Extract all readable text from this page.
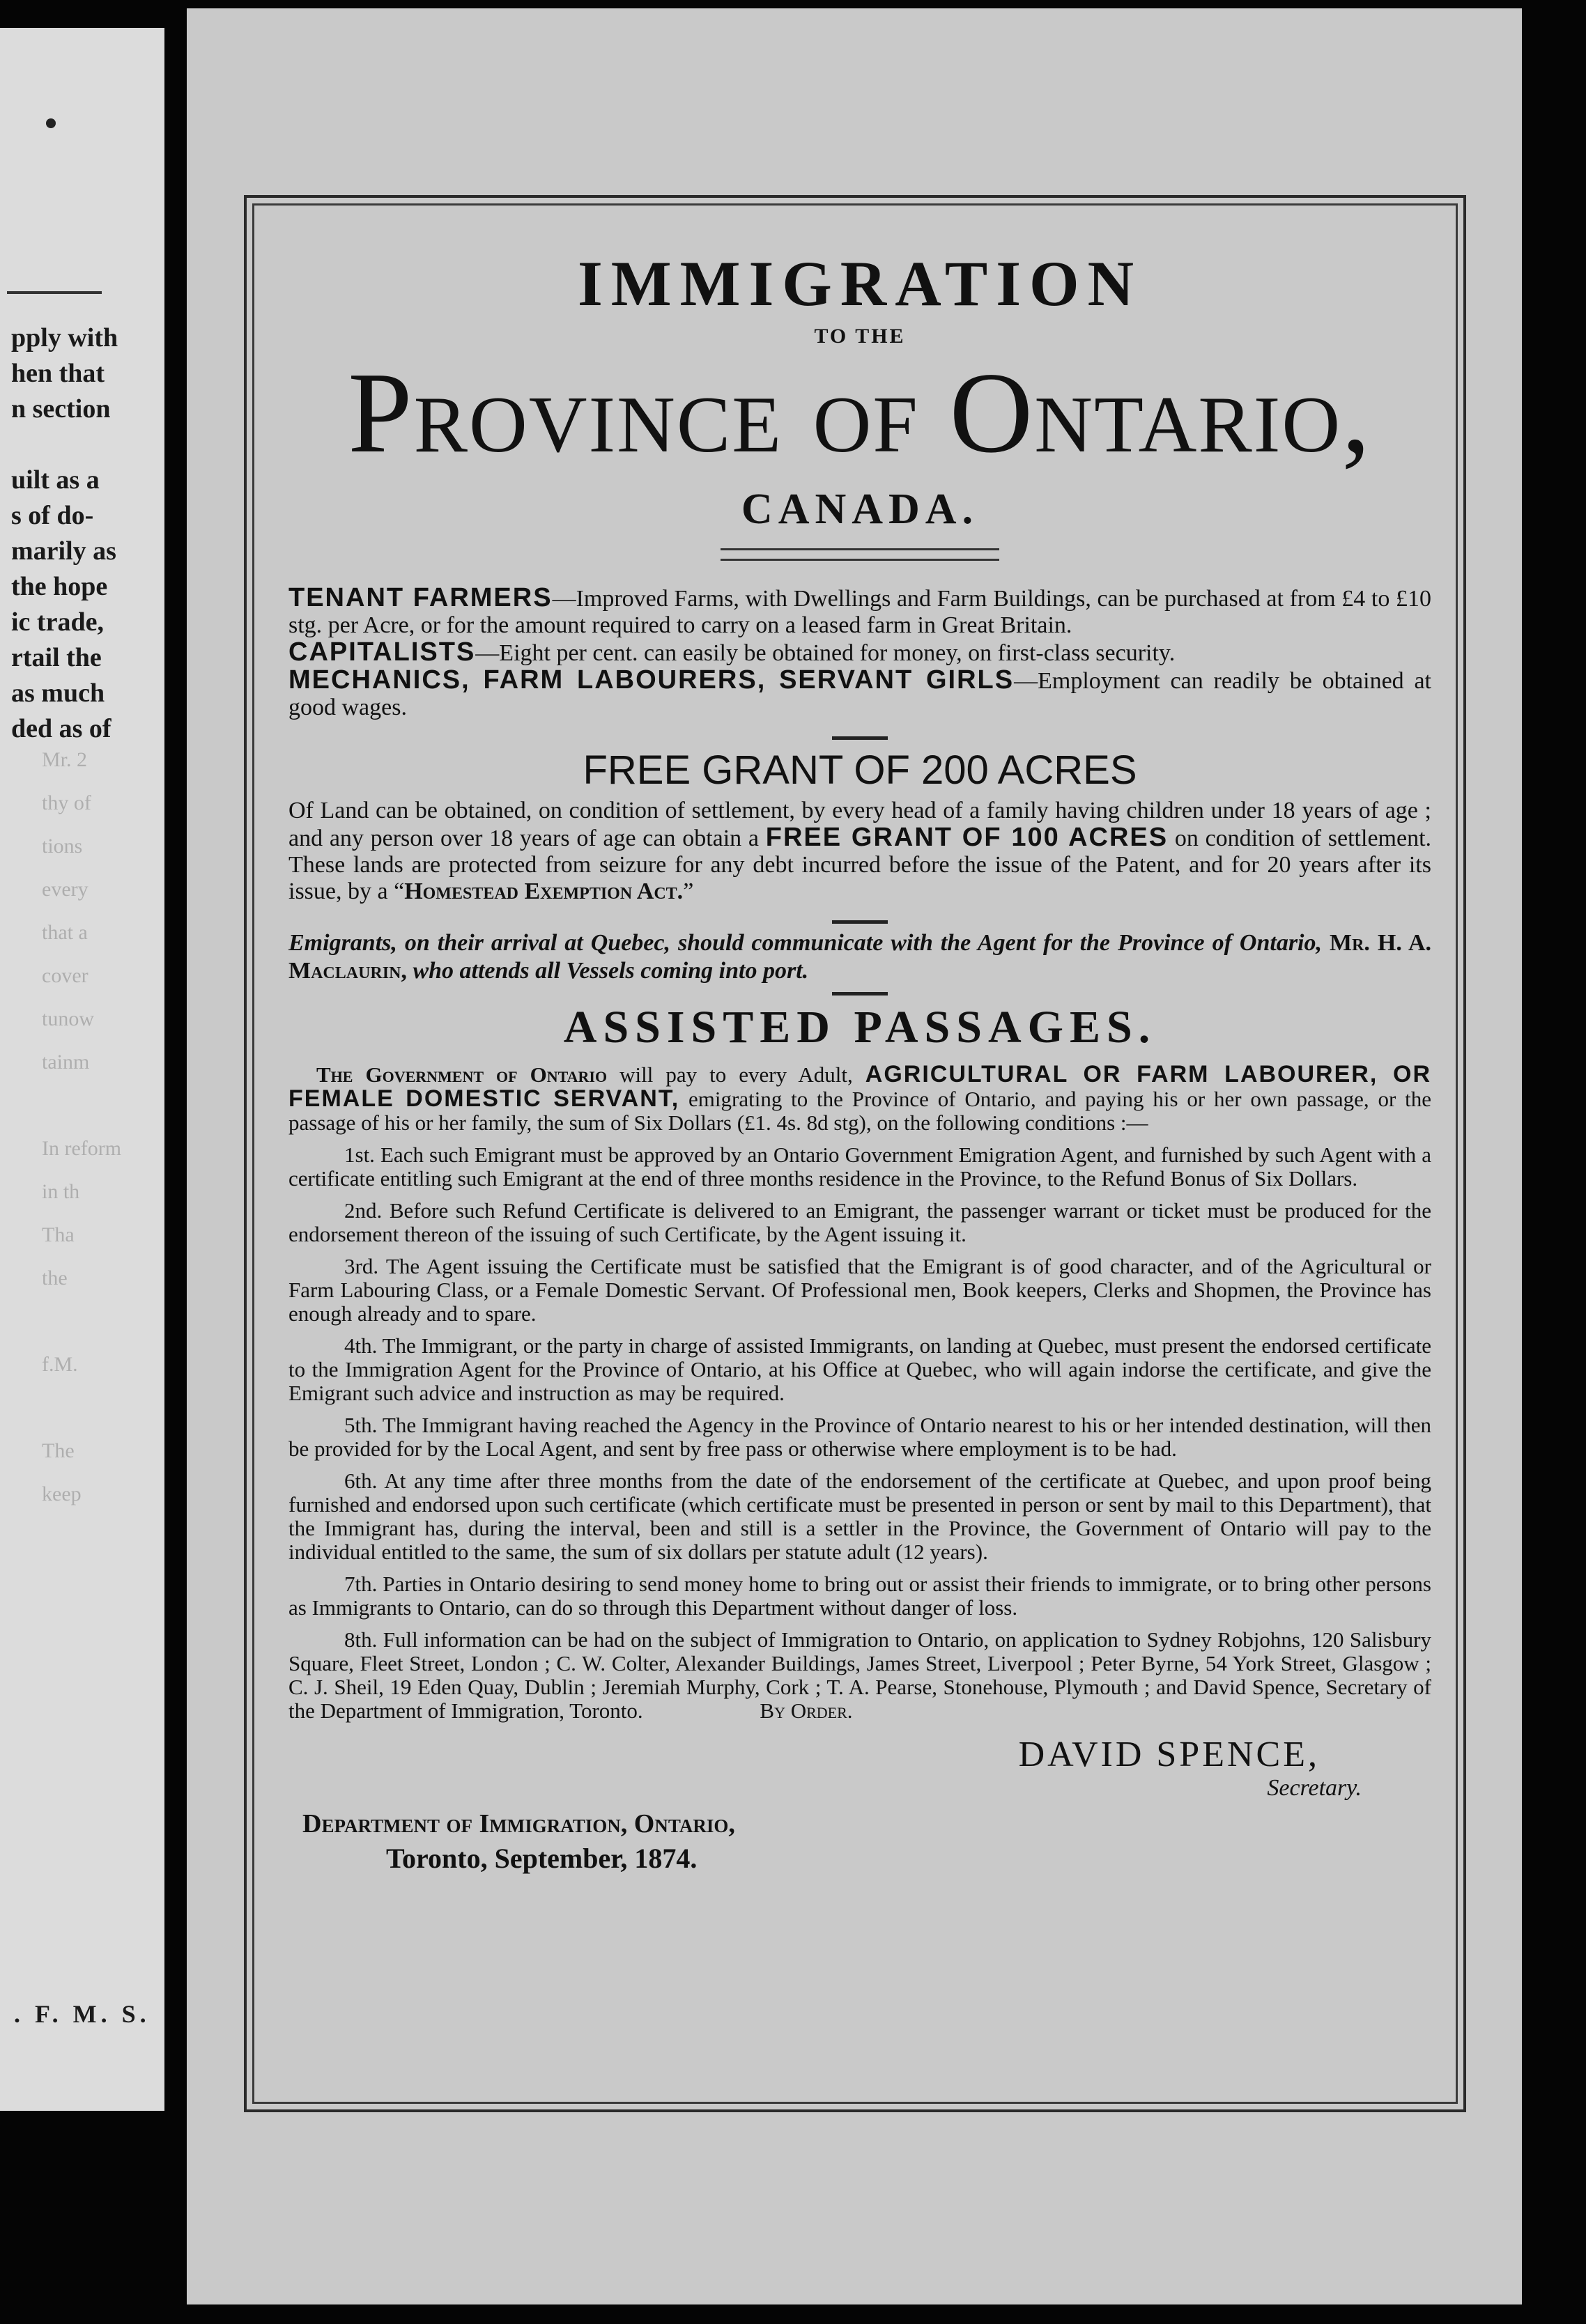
pply with
hen that
n section
uilt as a
s of do-
marily as
the hope
ic trade,
rtail the
as much
ded as of
Mr. 2
thy of
tions
every
that a
cover
tunow
tainm
In reform
in th
Tha
the
f.M.
The
keep
. F. M. S.
IMMIGRATION
TO THE
Province of Ontario,
CANADA.
TENANT FARMERS—Improved Farms, with Dwellings and Farm Buildings, can be purchased at from £4 to £10 stg. per Acre, or for the amount required to carry on a leased farm in Great Britain.
CAPITALISTS—Eight per cent. can easily be obtained for money, on first-class security.
MECHANICS, FARM LABOURERS, SERVANT GIRLS—Employment can readily be obtained at good wages.
FREE GRANT OF 200 ACRES
Of Land can be obtained, on condition of settlement, by every head of a family having children under 18 years of age ; and any person over 18 years of age can obtain a FREE GRANT OF 100 ACRES on condition of settlement. These lands are protected from seizure for any debt incurred before the issue of the Patent, and for 20 years after its issue, by a “Homestead Exemption Act.”
Emigrants, on their arrival at Quebec, should communicate with the Agent for the Province of Ontario, Mr. H. A. Maclaurin, who attends all Vessels coming into port.
ASSISTED PASSAGES.
The Government of Ontario will pay to every Adult, AGRICULTURAL OR FARM LABOURER, OR FEMALE DOMESTIC SERVANT, emigrating to the Province of Ontario, and paying his or her own passage, or the passage of his or her family, the sum of Six Dollars (£1. 4s. 8d stg), on the following conditions :—
1st. Each such Emigrant must be approved by an Ontario Government Emigration Agent, and furnished by such Agent with a certificate entitling such Emigrant at the end of three months residence in the Province, to the Refund Bonus of Six Dollars.
2nd. Before such Refund Certificate is delivered to an Emigrant, the passenger warrant or ticket must be produced for the endorsement thereon of the issuing of such Certificate, by the Agent issuing it.
3rd. The Agent issuing the Certificate must be satisfied that the Emigrant is of good character, and of the Agricultural or Farm Labouring Class, or a Female Domestic Servant. Of Professional men, Book keepers, Clerks and Shopmen, the Province has enough already and to spare.
4th. The Immigrant, or the party in charge of assisted Immigrants, on landing at Quebec, must present the endorsed certificate to the Immigration Agent for the Province of Ontario, at his Office at Quebec, who will again indorse the certificate, and give the Emigrant such advice and instruction as may be required.
5th. The Immigrant having reached the Agency in the Province of Ontario nearest to his or her intended destination, will then be provided for by the Local Agent, and sent by free pass or otherwise where employment is to be had.
6th. At any time after three months from the date of the endorsement of the certificate at Quebec, and upon proof being furnished and endorsed upon such certificate (which certificate must be presented in person or sent by mail to this Department), that the Immigrant has, during the interval, been and still is a settler in the Province, the Government of Ontario will pay to the individual entitled to the same, the sum of six dollars per statute adult (12 years).
7th. Parties in Ontario desiring to send money home to bring out or assist their friends to immigrate, or to bring other persons as Immigrants to Ontario, can do so through this Department without danger of loss.
8th. Full information can be had on the subject of Immigration to Ontario, on application to Sydney Robjohns, 120 Salisbury Square, Fleet Street, London ; C. W. Colter, Alexander Buildings, James Street, Liverpool ; Peter Byrne, 54 York Street, Glasgow ; C. J. Sheil, 19 Eden Quay, Dublin ; Jeremiah Murphy, Cork ; T. A. Pearse, Stonehouse, Plymouth ; and David Spence, Secretary of the Department of Immigration, Toronto.	By Order.
DAVID SPENCE,
Secretary.
Department of Immigration, Ontario,
Toronto, September, 1874.
